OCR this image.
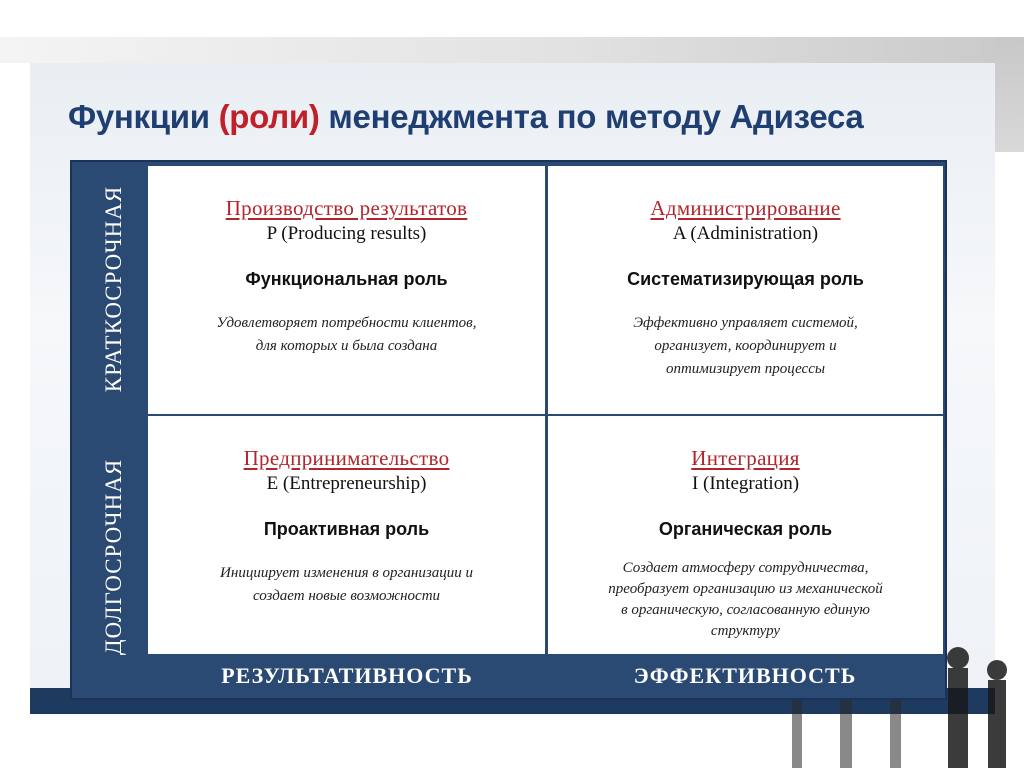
Функции (роли) менеджмента по методу Адизеса
КРАТКОСРОЧНАЯ
ДОЛГОСРОЧНАЯ
Производство результатов
P (Producing results)
Функциональная роль
Удовлетворяет потребности клиентов,
для которых и была создана
Администрирование
A (Administration)
Систематизирующая роль
Эффективно управляет системой,
организует, координирует и
оптимизирует процессы
Предпринимательство
E (Entrepreneurship)
Проактивная роль
Инициирует изменения в организации и
создает новые возможности
Интеграция
I (Integration)
Органическая роль
Создает атмосферу сотрудничества,
преобразует организацию из механической
в органическую, согласованную единую
структуру
РЕЗУЛЬТАТИВНОСТЬ	ЭФФЕКТИВНОСТЬ
